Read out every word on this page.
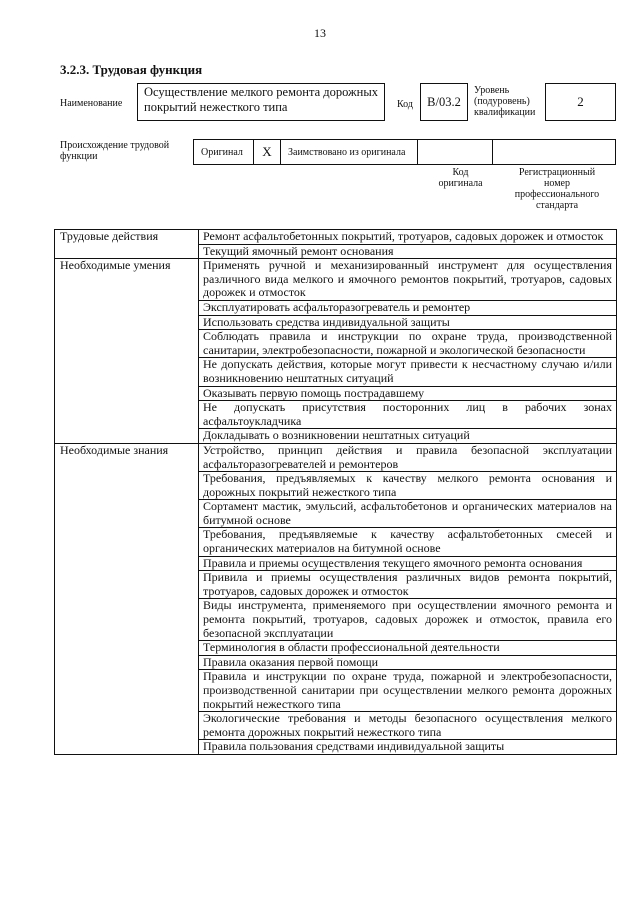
13
3.2.3. Трудовая функция
Наименование
Осуществление мелкого ремонта дорожных покрытий нежесткого типа	Код	B/03.2
Уровень
(подуровень)
квалификации
2
Происхождение трудовой
функции	Оригинал	X	Заимствовано из оригинала
Код
оригинала
Регистрационный
номер
профессионального
стандарта
Трудовые действия	Ремонт асфальтобетонных покрытий, тротуаров, садовых дорожек и отмосток
	Текущий ямочный ремонт основания
Необходимые умения	Применять ручной и механизированный инструмент для осуществления различного вида мелкого и ямочного ремонтов покрытий, тротуаров, садовых дорожек и отмосток
	Эксплуатировать асфальторазогреватель и ремонтер
	Использовать средства индивидуальной защиты
	Соблюдать правила и инструкции по охране труда, производственной санитарии, электробезопасности, пожарной и экологической безопасности
	Не допускать действия, которые могут привести к несчастному случаю и/или возникновению нештатных ситуаций
	Оказывать первую помощь пострадавшему
	Не допускать присутствия посторонних лиц в рабочих зонах асфальтоукладчика
	Докладывать о возникновении нештатных ситуаций
Необходимые знания	Устройство, принцип действия и правила безопасной эксплуатации асфальторазогревателей и ремонтеров
	Требования, предъявляемых к качеству мелкого ремонта основания и дорожных покрытий нежесткого типа
	Сортамент мастик, эмульсий, асфальтобетонов и органических материалов на битумной основе
	Требования, предъявляемые к качеству асфальтобетонных смесей и органических материалов на битумной основе
	Правила и приемы осуществления текущего ямочного ремонта основания
	Привила и приемы осуществления различных видов ремонта покрытий, тротуаров, садовых дорожек и отмосток
	Виды инструмента, применяемого при осуществлении ямочного ремонта и ремонта покрытий, тротуаров, садовых дорожек и отмосток, правила его безопасной эксплуатации
	Терминология в области профессиональной деятельности
	Правила оказания первой помощи
	Правила и инструкции по охране труда, пожарной и электробезопасности, производственной санитарии при осуществлении мелкого ремонта дорожных покрытий нежесткого типа
	Экологические требования и методы безопасного осуществления мелкого ремонта дорожных покрытий нежесткого типа
	Правила пользования средствами индивидуальной защиты
